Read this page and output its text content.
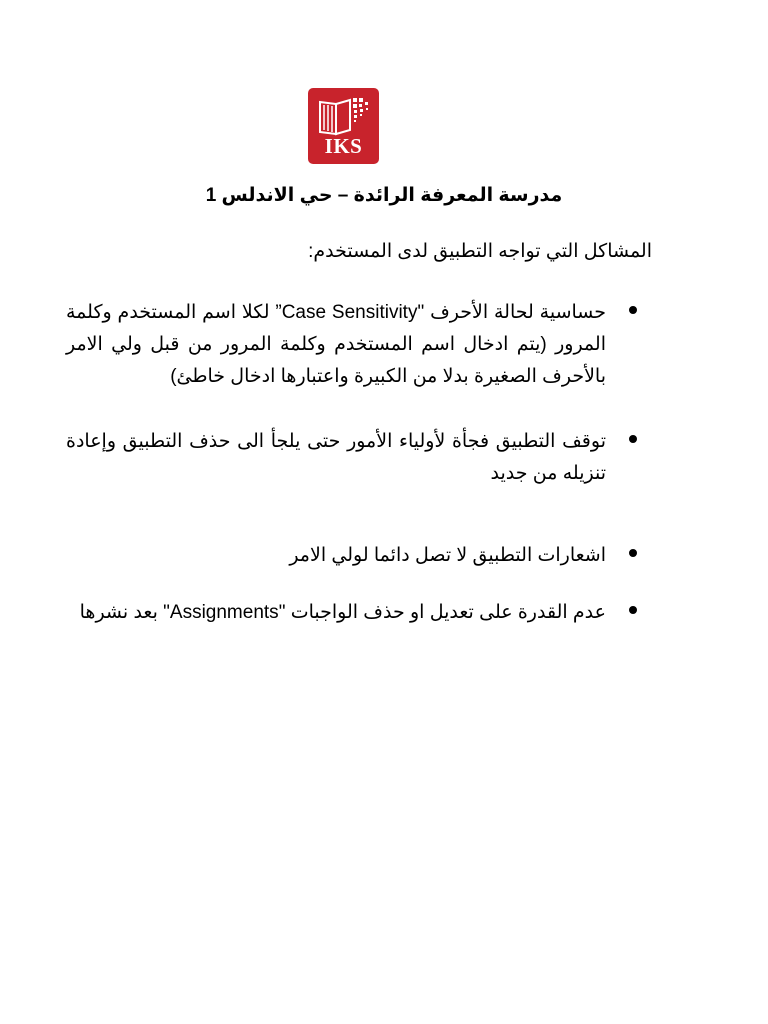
IKS
مدرسة المعرفة الرائدة – حي الاندلس 1
المشاكل التي تواجه التطبيق لدى المستخدم:

حساسية لحالة الأحرف "Case Sensitivity” لكلا اسم المستخدم وكلمة المرور (يتم ادخال اسم المستخدم وكلمة المرور من قبل ولي الامر بالأحرف الصغيرة بدلا من الكبيرة واعتبارها ادخال خاطئ)

توقف التطبيق فجأة لأولياء الأمور حتى يلجأ الى حذف التطبيق وإعادة تنزيله من جديد

اشعارات التطبيق لا تصل دائما لولي الامر

عدم القدرة على تعديل او حذف الواجبات "Assignments" بعد نشرها
